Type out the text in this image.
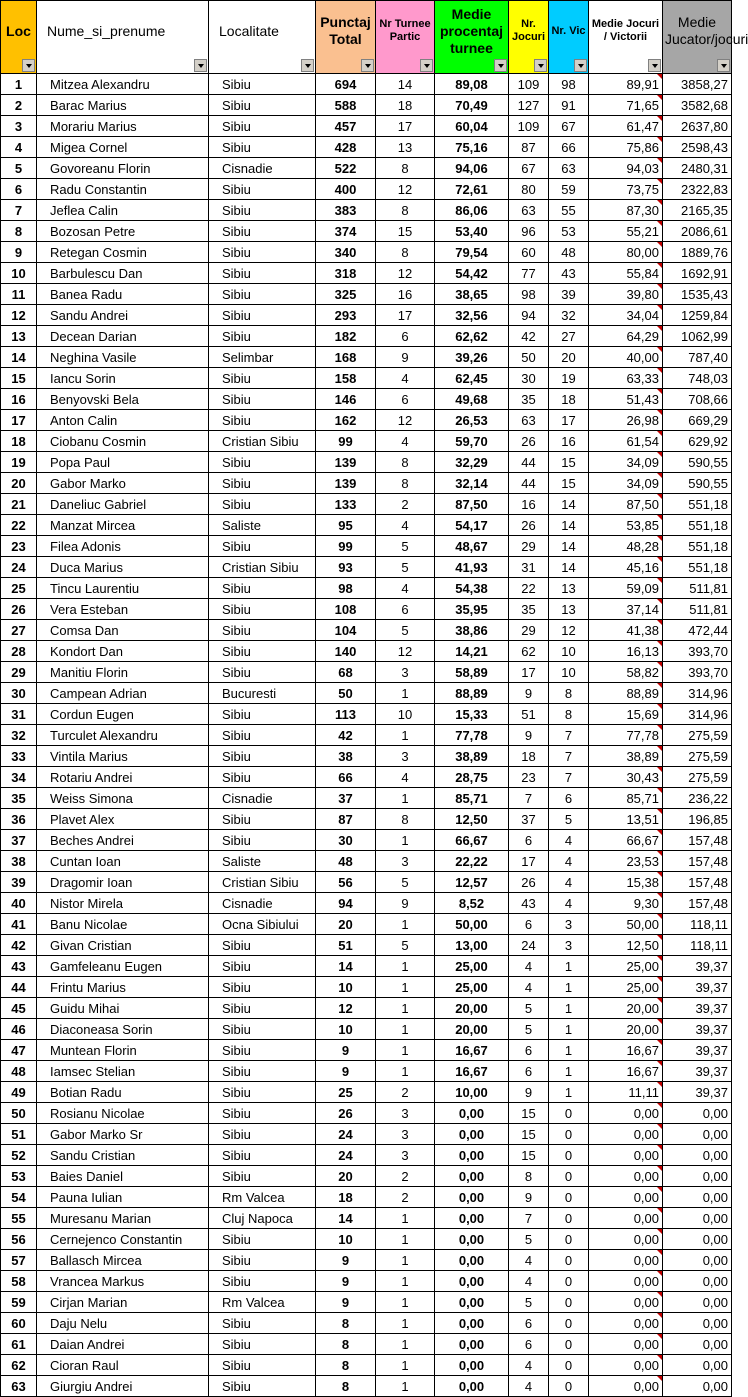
Loc	Nume_si_prenume	Localitate	Punctaj Total	Nr Turnee Partic	Medie procentaj turnee	Nr. Jocuri	Nr. Vic	Medie Jocuri / Victorii	Medie Jucator/jocuri

1	Mitzea Alexandru	Sibiu	694	14	89,08	109	98	89,91	3858,27
2	Barac Marius	Sibiu	588	18	70,49	127	91	71,65	3582,68
3	Morariu Marius	Sibiu	457	17	60,04	109	67	61,47	2637,80
4	Migea Cornel	Sibiu	428	13	75,16	87	66	75,86	2598,43
5	Govoreanu Florin	Cisnadie	522	8	94,06	67	63	94,03	2480,31
6	Radu Constantin	Sibiu	400	12	72,61	80	59	73,75	2322,83
7	Jeflea Calin	Sibiu	383	8	86,06	63	55	87,30	2165,35
8	Bozosan Petre	Sibiu	374	15	53,40	96	53	55,21	2086,61
9	Retegan Cosmin	Sibiu	340	8	79,54	60	48	80,00	1889,76
10	Barbulescu Dan	Sibiu	318	12	54,42	77	43	55,84	1692,91
11	Banea Radu	Sibiu	325	16	38,65	98	39	39,80	1535,43
12	Sandu Andrei	Sibiu	293	17	32,56	94	32	34,04	1259,84
13	Decean Darian	Sibiu	182	6	62,62	42	27	64,29	1062,99
14	Neghina Vasile	Selimbar	168	9	39,26	50	20	40,00	787,40
15	Iancu Sorin	Sibiu	158	4	62,45	30	19	63,33	748,03
16	Benyovski Bela	Sibiu	146	6	49,68	35	18	51,43	708,66
17	Anton Calin	Sibiu	162	12	26,53	63	17	26,98	669,29
18	Ciobanu Cosmin	Cristian Sibiu	99	4	59,70	26	16	61,54	629,92
19	Popa Paul	Sibiu	139	8	32,29	44	15	34,09	590,55
20	Gabor Marko	Sibiu	139	8	32,14	44	15	34,09	590,55
21	Daneliuc Gabriel	Sibiu	133	2	87,50	16	14	87,50	551,18
22	Manzat Mircea	Saliste	95	4	54,17	26	14	53,85	551,18
23	Filea Adonis	Sibiu	99	5	48,67	29	14	48,28	551,18
24	Duca Marius	Cristian Sibiu	93	5	41,93	31	14	45,16	551,18
25	Tincu Laurentiu	Sibiu	98	4	54,38	22	13	59,09	511,81
26	Vera Esteban	Sibiu	108	6	35,95	35	13	37,14	511,81
27	Comsa Dan	Sibiu	104	5	38,86	29	12	41,38	472,44
28	Kondort Dan	Sibiu	140	12	14,21	62	10	16,13	393,70
29	Manitiu Florin	Sibiu	68	3	58,89	17	10	58,82	393,70
30	Campean Adrian	Bucuresti	50	1	88,89	9	8	88,89	314,96
31	Cordun Eugen	Sibiu	113	10	15,33	51	8	15,69	314,96
32	Turculet Alexandru	Sibiu	42	1	77,78	9	7	77,78	275,59
33	Vintila Marius	Sibiu	38	3	38,89	18	7	38,89	275,59
34	Rotariu Andrei	Sibiu	66	4	28,75	23	7	30,43	275,59
35	Weiss Simona	Cisnadie	37	1	85,71	7	6	85,71	236,22
36	Plavet Alex	Sibiu	87	8	12,50	37	5	13,51	196,85
37	Beches Andrei	Sibiu	30	1	66,67	6	4	66,67	157,48
38	Cuntan Ioan	Saliste	48	3	22,22	17	4	23,53	157,48
39	Dragomir Ioan	Cristian Sibiu	56	5	12,57	26	4	15,38	157,48
40	Nistor Mirela	Cisnadie	94	9	8,52	43	4	9,30	157,48
41	Banu Nicolae	Ocna Sibiului	20	1	50,00	6	3	50,00	118,11
42	Givan Cristian	Sibiu	51	5	13,00	24	3	12,50	118,11
43	Gamfeleanu Eugen	Sibiu	14	1	25,00	4	1	25,00	39,37
44	Frintu Marius	Sibiu	10	1	25,00	4	1	25,00	39,37
45	Guidu Mihai	Sibiu	12	1	20,00	5	1	20,00	39,37
46	Diaconeasa Sorin	Sibiu	10	1	20,00	5	1	20,00	39,37
47	Muntean Florin	Sibiu	9	1	16,67	6	1	16,67	39,37
48	Iamsec Stelian	Sibiu	9	1	16,67	6	1	16,67	39,37
49	Botian Radu	Sibiu	25	2	10,00	9	1	11,11	39,37
50	Rosianu Nicolae	Sibiu	26	3	0,00	15	0	0,00	0,00
51	Gabor Marko Sr	Sibiu	24	3	0,00	15	0	0,00	0,00
52	Sandu Cristian	Sibiu	24	3	0,00	15	0	0,00	0,00
53	Baies Daniel	Sibiu	20	2	0,00	8	0	0,00	0,00
54	Pauna Iulian	Rm Valcea	18	2	0,00	9	0	0,00	0,00
55	Muresanu Marian	Cluj Napoca	14	1	0,00	7	0	0,00	0,00
56	Cernejenco Constantin	Sibiu	10	1	0,00	5	0	0,00	0,00
57	Ballasch Mircea	Sibiu	9	1	0,00	4	0	0,00	0,00
58	Vrancea Markus	Sibiu	9	1	0,00	4	0	0,00	0,00
59	Cirjan Marian	Rm Valcea	9	1	0,00	5	0	0,00	0,00
60	Daju Nelu	Sibiu	8	1	0,00	6	0	0,00	0,00
61	Daian Andrei	Sibiu	8	1	0,00	6	0	0,00	0,00
62	Cioran Raul	Sibiu	8	1	0,00	4	0	0,00	0,00
63	Giurgiu Andrei	Sibiu	8	1	0,00	4	0	0,00	0,00
